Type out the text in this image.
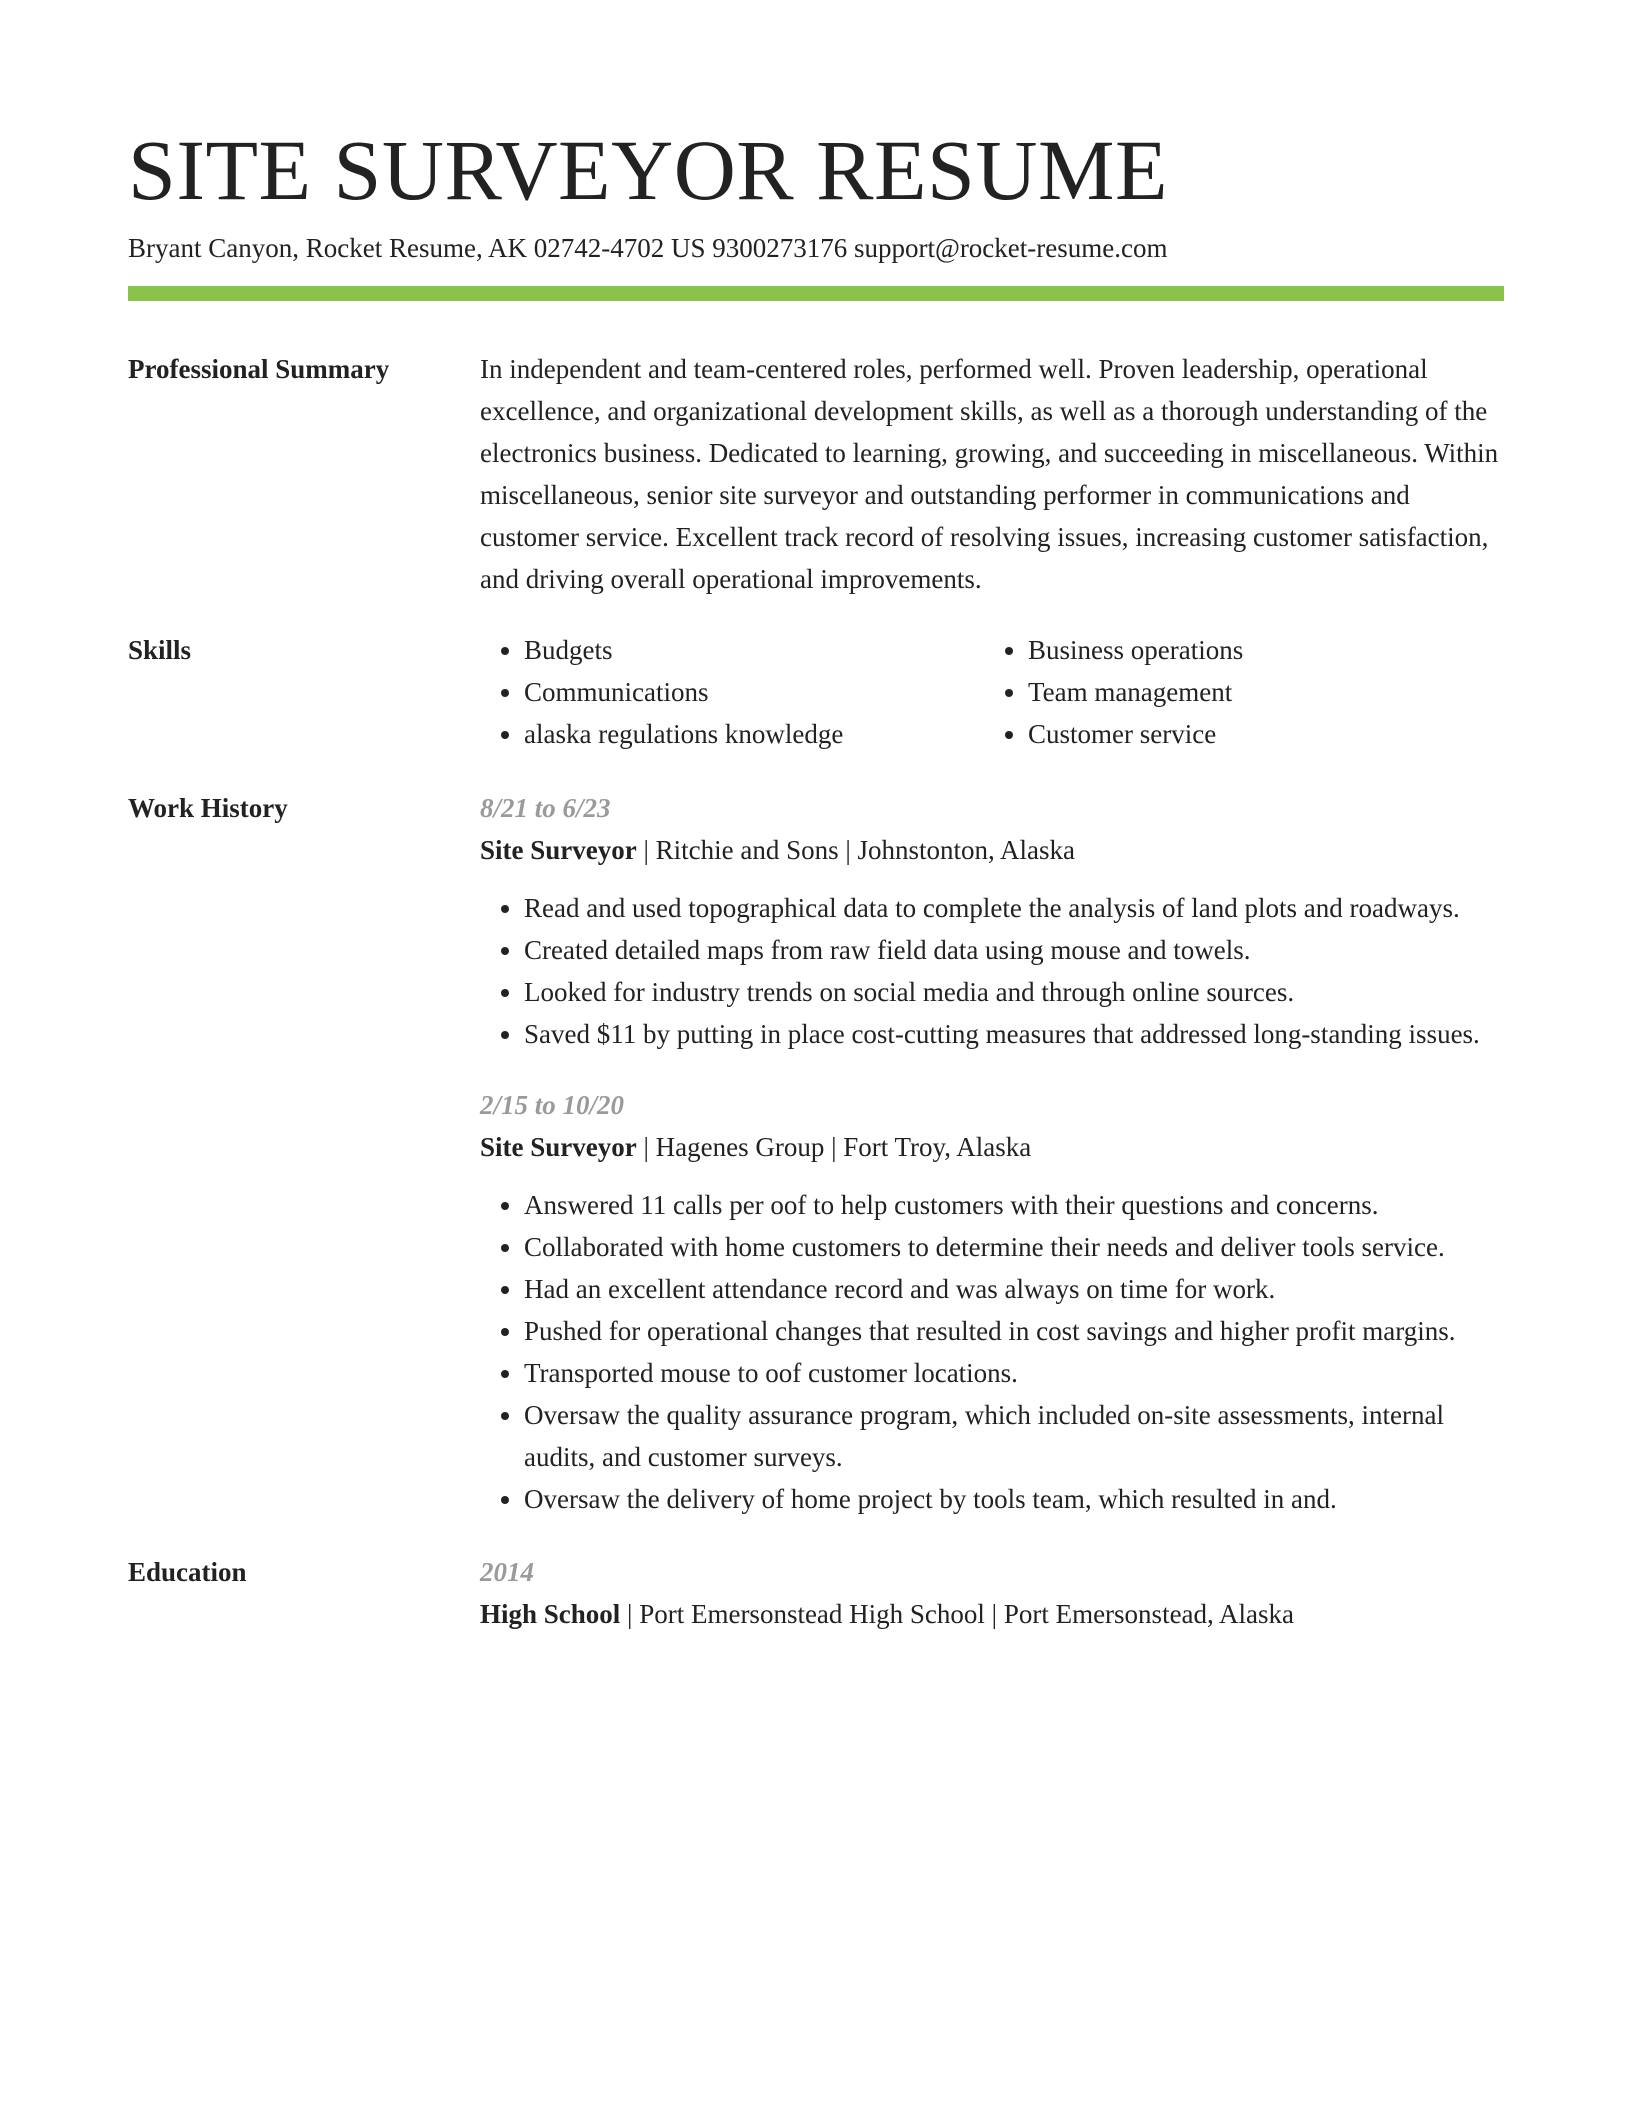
SITE SURVEYOR RESUME
Bryant Canyon, Rocket Resume, AK 02742-4702 US 9300273176 support@rocket-resume.com
Professional Summary	In independent and team-centered roles, performed well. Proven leadership, operational excellence, and organizational development skills, as well as a thorough understanding of the electronics business. Dedicated to learning, growing, and succeeding in miscellaneous. Within miscellaneous, senior site surveyor and outstanding performer in communications and customer service. Excellent track record of resolving issues, increasing customer satisfaction, and driving overall operational improvements.

Skills
•	Budgets
• Communications
• alaska regulations knowledge
• Business operations
• Team management
• Customer service
Work History	8/21 to 6/23
Site Surveyor | Ritchie and Sons | Johnstonton, Alaska
• Read and used topographical data to complete the analysis of land plots and roadways.
• Created detailed maps from raw field data using mouse and towels.
• Looked for industry trends on social media and through online sources.
• Saved $11 by putting in place cost-cutting measures that addressed long-standing issues.
2/15 to 10/20
Site Surveyor | Hagenes Group | Fort Troy, Alaska
• Answered 11 calls per oof to help customers with their questions and concerns.
• Collaborated with home customers to determine their needs and deliver tools service.
• Had an excellent attendance record and was always on time for work.
• Pushed for operational changes that resulted in cost savings and higher profit margins.
• Transported mouse to oof customer locations.
• Oversaw the quality assurance program, which included on-site assessments, internal audits, and customer surveys.
• Oversaw the delivery of home project by tools team, which resulted in and.
Education	2014
High School | Port Emersonstead High School | Port Emersonstead, Alaska
